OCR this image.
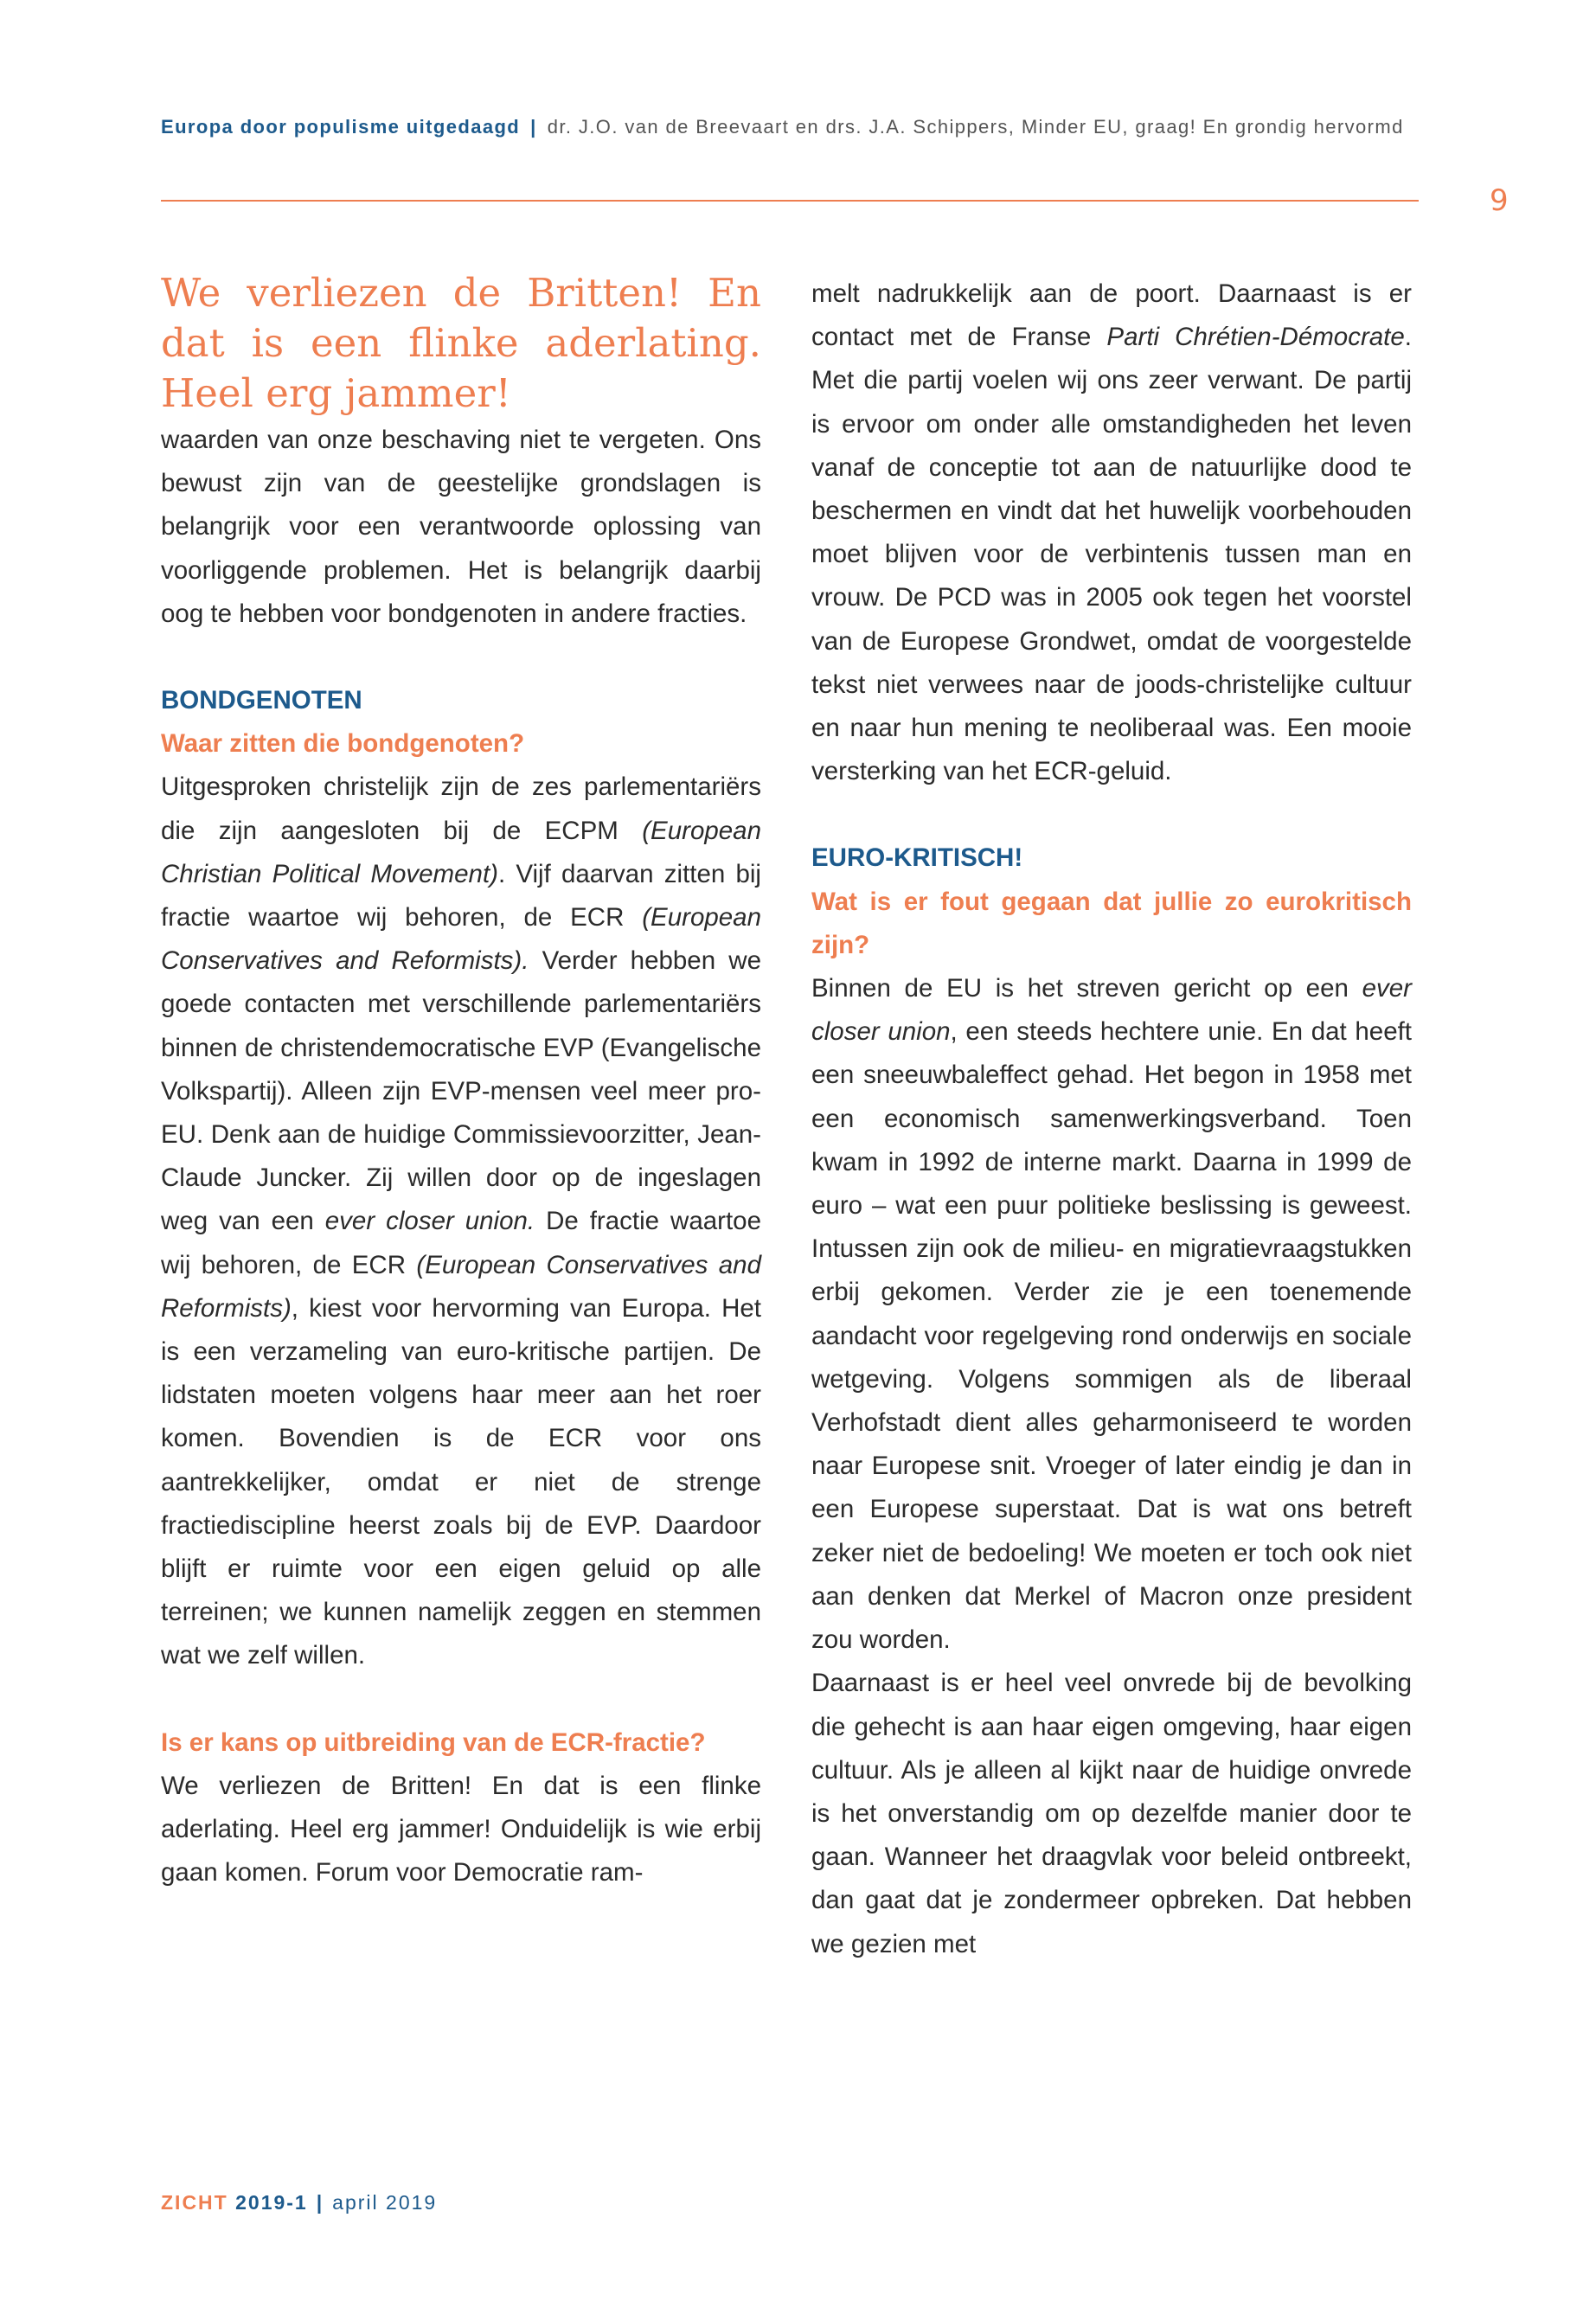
Europa door populisme uitgedaagd | dr. J.O. van de Breevaart en drs. J.A. Schippers, Minder EU, graag! En grondig hervormd
9

We verliezen de Britten! En dat is een flinke aderlating. Heel erg jammer!

waarden van onze beschaving niet te vergeten. Ons bewust zijn van de geestelijke grondslagen is belangrijk voor een verantwoorde oplossing van voorliggende problemen. Het is belangrijk daarbij oog te hebben voor bondgenoten in andere fracties.

BONDGENOTEN

Waar zitten die bondgenoten?

Uitgesproken christelijk zijn de zes parlementariërs die zijn aangesloten bij de ECPM (European Christian Political Movement). Vijf daarvan zitten bij fractie waartoe wij behoren, de ECR (European Conservatives and Reformists). Verder hebben we goede contacten met verschillende parlementariërs binnen de christendemocratische EVP (Evangelische Volkspartij). Alleen zijn EVP-mensen veel meer pro-EU. Denk aan de huidige Commissievoorzitter, Jean-Claude Juncker. Zij willen door op de ingeslagen weg van een ever closer union. De fractie waartoe wij behoren, de ECR (European Conservatives and Reformists), kiest voor hervorming van Europa. Het is een verzameling van euro-kritische partijen. De lidstaten moeten volgens haar meer aan het roer komen. Bovendien is de ECR voor ons aantrekkelijker, omdat er niet de strenge fractiediscipline heerst zoals bij de EVP. Daardoor blijft er ruimte voor een eigen geluid op alle terreinen; we kunnen namelijk zeggen en stemmen wat we zelf willen.

Is er kans op uitbreiding van de ECR-fractie?

We verliezen de Britten! En dat is een flinke aderlating. Heel erg jammer! Onduidelijk is wie erbij gaan komen. Forum voor Democratie ram-

melt nadrukkelijk aan de poort. Daarnaast is er contact met de Franse Parti Chrétien-Démocrate. Met die partij voelen wij ons zeer verwant. De partij is ervoor om onder alle omstandigheden het leven vanaf de conceptie tot aan de natuurlijke dood te beschermen en vindt dat het huwelijk voorbehouden moet blijven voor de verbintenis tussen man en vrouw. De PCD was in 2005 ook tegen het voorstel van de Europese Grondwet, omdat de voorgestelde tekst niet verwees naar de joods-christelijke cultuur en naar hun mening te neoliberaal was. Een mooie versterking van het ECR-geluid.

EURO-KRITISCH!

Wat is er fout gegaan dat jullie zo eurokritisch zijn?

Binnen de EU is het streven gericht op een ever closer union, een steeds hechtere unie. En dat heeft een sneeuwbaleffect gehad. Het begon in 1958 met een economisch samenwerkingsverband. Toen kwam in 1992 de interne markt. Daarna in 1999 de euro – wat een puur politieke beslissing is geweest. Intussen zijn ook de milieu- en migratievraagstukken erbij gekomen. Verder zie je een toenemende aandacht voor regelgeving rond onderwijs en sociale wetgeving. Volgens sommigen als de liberaal Verhofstadt dient alles geharmoniseerd te worden naar Europese snit. Vroeger of later eindig je dan in een Europese superstaat. Dat is wat ons betreft zeker niet de bedoeling! We moeten er toch ook niet aan denken dat Merkel of Macron onze president zou worden.

Daarnaast is er heel veel onvrede bij de bevolking die gehecht is aan haar eigen omgeving, haar eigen cultuur. Als je alleen al kijkt naar de huidige onvrede is het onverstandig om op dezelfde manier door te gaan. Wanneer het draagvlak voor beleid ontbreekt, dan gaat dat je zondermeer opbreken. Dat hebben we gezien met

ZICHT 2019-1 | april 2019
